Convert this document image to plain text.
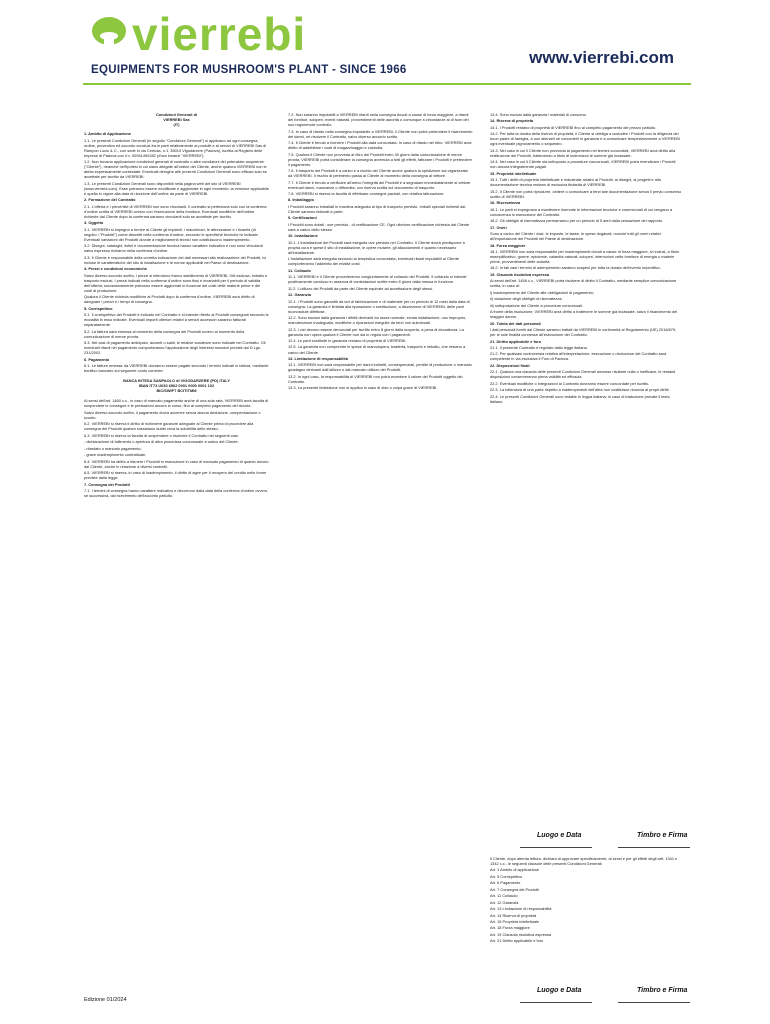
vierrebi
EQUIPMENTS FOR MUSHROOM'S PLANT - SINCE 1966
www.vierrebi.com
Condizioni Generali di
VIERREBI Sas
(IT)

1. Ambito di Applicazione

1.1. Le presenti Condizioni Generali (in seguito "Condizioni Generali") si applicano ad ogni consegna, ordine, preventivo ed accordo conclusi fra le parti relativamente ai prodotti e ai servizi di VIERREBI Sas di Rampon Lucio & C., con sede in via Certosa, n.1, 35010 Vigodarzere (Padova), iscritta al Registro delle Imprese di Padova con il n. 00941490282 (d'ora innanzi "VIERREBI").

1.2. Non trovano applicazione condizioni generali di contratto o altre condizioni del potenziale acquirente ("Cliente"), neanche nell'ipotesi in cui siano allegate all'ordine del Cliente, anche qualora VIERREBI non le abbia espressamente contestate. Eventuali deroghe alle presenti Condizioni Generali sono efficaci solo se accettate per iscritto da VIERREBI.

1.3. Le presenti Condizioni Generali sono disponibili nella pagina web del sito di VIERREBI (www.vierrebi.com). Esse potranno essere modificate e aggiornate in ogni momento; la versione applicabile è quella in vigore alla data di ricezione dell'ordine da parte di VIERREBI.

2. Formazione del Contratto

2.1. L'offerta e i preventivi di VIERREBI non sono vincolanti. Il contratto si perfeziona solo con la conferma d'ordine scritta di VIERREBI ovvero con l'esecuzione della fornitura. Eventuali modifiche dell'ordine richieste dal Cliente dopo la conferma saranno vincolanti solo se accettate per iscritto.

3. Oggetto

3.1. VIERREBI si impegna a fornire al Cliente gli impianti, i macchinari, le attrezzature e i ricambi (di seguito i "Prodotti") come descritti nella conferma d'ordine, secondo le specifiche tecniche ivi indicate. Eventuali variazioni dei Prodotti dovute a miglioramenti tecnici non costituiscono inadempimento.

3.2. Disegni, cataloghi, listini e documentazione tecnica hanno carattere indicativo e non sono vincolanti salvo espresso richiamo nella conferma d'ordine.

3.3. Il Cliente è responsabile della corretta indicazione dei dati necessari alla realizzazione dei Prodotti, ivi incluse le caratteristiche del sito di installazione e le norme applicabili nel Paese di destinazione.

4. Prezzi e condizioni economiche

Salvo diverso accordo scritto, i prezzi si intendono franco stabilimento di VIERREBI, IVA esclusa, imballo e trasporto esclusi. I prezzi indicati nella conferma d'ordine sono fissi e invariabili per il periodo di validità dell'offerta; successivamente potranno essere aggiornati in funzione dei costi delle materie prime e dei costi di produzione.

Qualora il Cliente richieda modifiche ai Prodotti dopo la conferma d'ordine, VIERREBI avrà diritto di adeguare i prezzi e i tempi di consegna.

5. Corrispettivo

5.1. Il corrispettivo dei Prodotti è indicato nel Contratto e si intende riferito ai Prodotti consegnati secondo le modalità in esso indicate. Eventuali importi ulteriori relativi a servizi accessori saranno fatturati separatamente.

5.2. La fattura sarà emessa al momento della consegna dei Prodotti ovvero al momento della comunicazione di merce pronta.

5.3. Nei casi di pagamento anticipato, acconti o saldi, le relative scadenze sono indicate nel Contratto. Gli eventuali ritardi nel pagamento comporteranno l'applicazione degli interessi moratori previsti dal D.Lgs. 231/2002.

6. Pagamento

6.1. Le fatture emesse da VIERREBI dovranno essere pagate secondo i termini indicati in fattura, mediante bonifico bancario sul seguente conto corrente:

BANCA INTESA SANPAOLO di VIGODARZERE (PD) ITALY
IBAN IT73 U030 6962 0001 0000 0001 102
BIC/SWIFT BCITITMM

Ai sensi dell'art. 1460 c.c., in caso di mancato pagamento anche di una sola rata, VIERREBI avrà facoltà di sospendere le consegne e le prestazioni ancora in corso, fino al completo pagamento del dovuto.

Salvo diverso accordo scritto, il pagamento dovrà avvenire senza alcuna deduzione, compensazione o sconto.

6.2. VIERREBI si riserva il diritto di richiedere garanzie adeguate al Cliente prima di procedere alla consegna dei Prodotti qualora sussistano dubbi circa la solvibilità dello stesso.

6.3. VIERREBI si riserva la facoltà di sospendere o risolvere il Contratto nei seguenti casi:

- dichiarazione di fallimento o apertura di altra procedura concorsuale a carico del Cliente;

- ritardato o mancato pagamento;

- grave inadempimento contrattuale.

6.4. VIERREBI ha diritto a ritenere i Prodotti in esecuzione in caso di mancato pagamento di quanto dovuto dal Cliente, anche in relazione a diversi contratti.

6.5. VIERREBI si riserva, in caso di inadempimento, il diritto di agire per il recupero del credito nelle forme previste dalla legge.

7. Consegna dei Prodotti

7.1. I termini di consegna hanno carattere indicativo e decorrono dalla data della conferma d'ordine ovvero, se successiva, dal ricevimento dell'acconto pattuito.

7.2. Non saranno imputabili a VIERREBI ritardi nella consegna dovuti a cause di forza maggiore, a ritardi dei fornitori, scioperi, eventi naturali, provvedimenti delle autorità o comunque a circostanze al di fuori del suo ragionevole controllo.

7.3. In caso di ritardo nella consegna imputabile a VIERREBI, il Cliente non potrà pretendere il risarcimento dei danni, né risolvere il Contratto, salvo diverso accordo scritto.

7.4. Il Cliente è tenuto a ricevere i Prodotti alla data concordata. In caso di ritardo nel ritiro, VIERREBI avrà diritto di addebitare i costi di magazzinaggio e custodia.

7.5. Qualora il Cliente non provveda al ritiro dei Prodotti entro 30 giorni dalla comunicazione di merce pronta, VIERREBI potrà considerare la consegna avvenuta a tutti gli effetti, fatturare i Prodotti e pretendere il pagamento.

7.6. Il trasporto dei Prodotti è a carico e a rischio del Cliente anche qualora la spedizione sia organizzata da VIERREBI. Il rischio di perimento passa al Cliente al momento della consegna al vettore.

7.7. Il Cliente è tenuto a verificare all'arrivo l'integrità dei Prodotti e a segnalare immediatamente al vettore eventuali danni, mancanze o difformità, con riserva scritta sul documento di trasporto.

7.8. VIERREBI si riserva la facoltà di effettuare consegne parziali, con relativa fatturazione.

8. Imballaggio

I Prodotti saranno imballati in maniera adeguata al tipo di trasporto previsto. Imballi speciali richiesti dal Cliente saranno fatturati a parte.

9. Certificazioni

I Prodotti sono dotati - ove previsto - di certificazione CE. Ogni ulteriore certificazione richiesta dal Cliente sarà a carico dello stesso.

10. Installazione

10.1. L'installazione dei Prodotti sarà eseguita ove previsto nel Contratto. Il Cliente dovrà predisporre a propria cura e spese il sito di installazione, le opere murarie, gli allacciamenti e quanto necessario all'installazione.

L'installazione sarà eseguita secondo la tempistica concordata; eventuali ritardi imputabili al Cliente comporteranno l'addebito dei relativi costi.

11. Collaudo

11.1. VIERREBI e il Cliente procederanno congiuntamente al collaudo dei Prodotti. Il collaudo si intende positivamente concluso in assenza di contestazioni scritte entro 8 giorni dalla messa in funzione.

11.2. L'utilizzo dei Prodotti da parte del Cliente equivale ad accettazione degli stessi.

12. Garanzia

12.1. I Prodotti sono garantiti da vizi di fabbricazione e di materiale per un periodo di 12 mesi dalla data di consegna. La garanzia è limitata alla riparazione o sostituzione, a discrezione di VIERREBI, delle parti riconosciute difettose.

12.2. Sono esclusi dalla garanzia i difetti derivanti da usura normale, errata installazione, uso improprio, manutenzione inadeguata, modifiche o riparazioni eseguite da terzi non autorizzati.

12.3. I vizi devono essere denunciati per iscritto entro 8 giorni dalla scoperta, a pena di decadenza. La garanzia non opera qualora il Cliente non sia in regola con i pagamenti.

12.4. Le parti sostituite in garanzia restano di proprietà di VIERREBI.

12.5. La garanzia non comprende le spese di manodopera, trasferta, trasporto e imballo, che restano a carico del Cliente.

13. Limitazione di responsabilità

13.1. VIERREBI non sarà responsabile per danni indiretti, consequenziali, perdite di produzione o mancato guadagno derivanti dall'utilizzo o dal mancato utilizzo dei Prodotti.

13.2. In ogni caso, la responsabilità di VIERREBI non potrà eccedere il valore dei Prodotti oggetto del Contratto.

13.3. La presente limitazione non si applica in caso di dolo o colpa grave di VIERREBI.

13.4. Sono esclusi dalla garanzia i materiali di consumo.

14. Riserva di proprietà

14.1. I Prodotti restano di proprietà di VIERREBI fino al completo pagamento del prezzo pattuito.

14.2. Per tutta la durata della riserva di proprietà, il Cliente si obbliga a custodire i Prodotti con la diligenza del buon padre di famiglia, a non alienarli né concederli in garanzia e a comunicare tempestivamente a VIERREBI ogni eventuale pignoramento o sequestro.

14.3. Nel caso in cui il Cliente non provveda al pagamento nei termini concordati, VIERREBI avrà diritto alla restituzione dei Prodotti, trattenendo a titolo di indennizzo le somme già incassate.

14.4. Nel caso in cui il Cliente sia sottoposto a procedure concorsuali, VIERREBI potrà rivendicare i Prodotti non ancora integralmente pagati.

15. Proprietà intellettuale

15.1. Tutti i diritti di proprietà intellettuale e industriale relativi ai Prodotti, ai disegni, ai progetti e alla documentazione tecnica restano di esclusiva titolarità di VIERREBI.

15.2. Il Cliente non potrà riprodurre, cedere o comunicare a terzi tale documentazione senza il previo consenso scritto di VIERREBI.

16. Riservatezza

16.1. Le parti si impegnano a mantenere riservate le informazioni tecniche e commerciali di cui vengano a conoscenza in esecuzione del Contratto.

16.2. Gli obblighi di riservatezza permarranno per un periodo di 5 anni dalla cessazione del rapporto.

17. Oneri

Sono a carico del Cliente i dazi, le imposte, le tasse, le spese doganali, nonché tutti gli oneri relativi all'importazione dei Prodotti nel Paese di destinazione.

18. Forza maggiore

18.1. VIERREBI non sarà responsabile per inadempimenti dovuti a cause di forza maggiore, ivi inclusi, a titolo esemplificativo, guerre, epidemie, calamità naturali, scioperi, interruzioni nelle forniture di energia o materie prime, provvedimenti delle autorità.

18.2. In tali casi i termini di adempimento saranno sospesi per tutta la durata dell'evento impeditivo.

19. Clausola risolutiva espressa

Ai sensi dell'art. 1456 c.c., VIERREBI potrà risolvere di diritto il Contratto, mediante semplice comunicazione scritta, in caso di:

i) inadempimento del Cliente alle obbligazioni di pagamento;

ii) violazione degli obblighi di riservatezza;

iii) sottoposizione del Cliente a procedure concorsuali.

A fronte della risoluzione, VIERREBI avrà diritto a trattenere le somme già incassate, salvo il risarcimento del maggior danno.

20. Tutela dei dati personali

I dati personali forniti dal Cliente saranno trattati da VIERREBI in conformità al Regolamento (UE) 2016/679, per le sole finalità connesse all'esecuzione del Contratto.

21. Diritto applicabile e foro

21.1. Il presente Contratto è regolato dalla legge italiana.

21.2. Per qualsiasi controversia relativa all'interpretazione, esecuzione o risoluzione del Contratto sarà competente in via esclusiva il Foro di Padova.

22. Disposizioni finali

22.1. Qualora una clausola delle presenti Condizioni Generali dovesse risultare nulla o inefficace, le restanti disposizioni conserveranno piena validità ed efficacia.

22.2. Eventuali modifiche o integrazioni al Contratto dovranno essere concordate per iscritto.

22.3. La tolleranza di una parte rispetto a inadempimenti dell'altra non costituisce rinuncia ai propri diritti.

22.4. Le presenti Condizioni Generali sono redatte in lingua italiana; in caso di traduzione prevale il testo italiano.

Luogo e Data	Timbro e Firma

Il Cliente, dopo attenta lettura, dichiara di approvare specificamente, ai sensi e per gli effetti degli artt. 1341 e 1342 c.c., le seguenti clausole delle presenti Condizioni Generali:

Art. 1 Ambito di applicazione

Art. 5 Corrispettivo

Art. 6 Pagamento

Art. 7 Consegna dei Prodotti

Art. 11 Collaudo

Art. 12 Garanzia

Art. 13 Limitazione di responsabilità

Art. 14 Riserva di proprietà

Art. 15 Proprietà intellettuale

Art. 18 Forza maggiore

Art. 19 Clausola risolutiva espressa

Art. 21 Diritto applicabile e foro

Luogo e Data	Timbro e Firma
Edizione 01/2024
